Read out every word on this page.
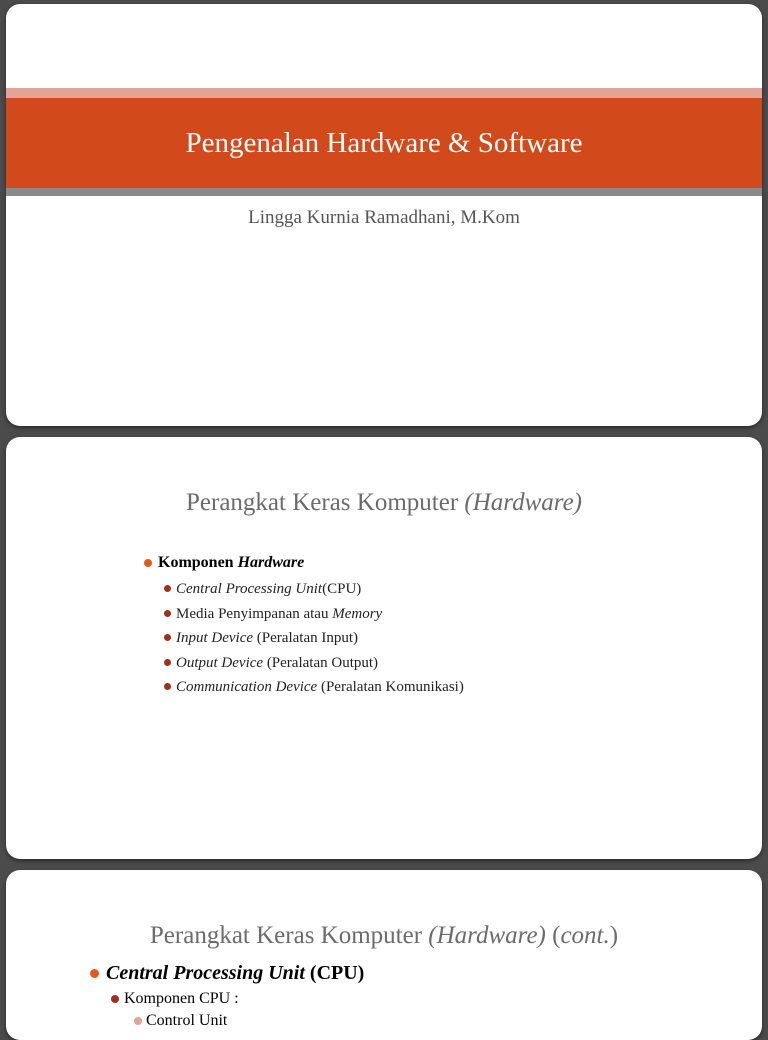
Pengenalan Hardware & Software
Lingga Kurnia Ramadhani, M.Kom
Perangkat Keras Komputer (Hardware)
Komponen Hardware
Central Processing Unit(CPU)
Media Penyimpanan atau Memory
Input Device (Peralatan Input)
Output Device (Peralatan Output)
Communication Device (Peralatan Komunikasi)
Perangkat Keras Komputer (Hardware) (cont.)
Central Processing Unit (CPU)
Komponen CPU :
Control Unit
